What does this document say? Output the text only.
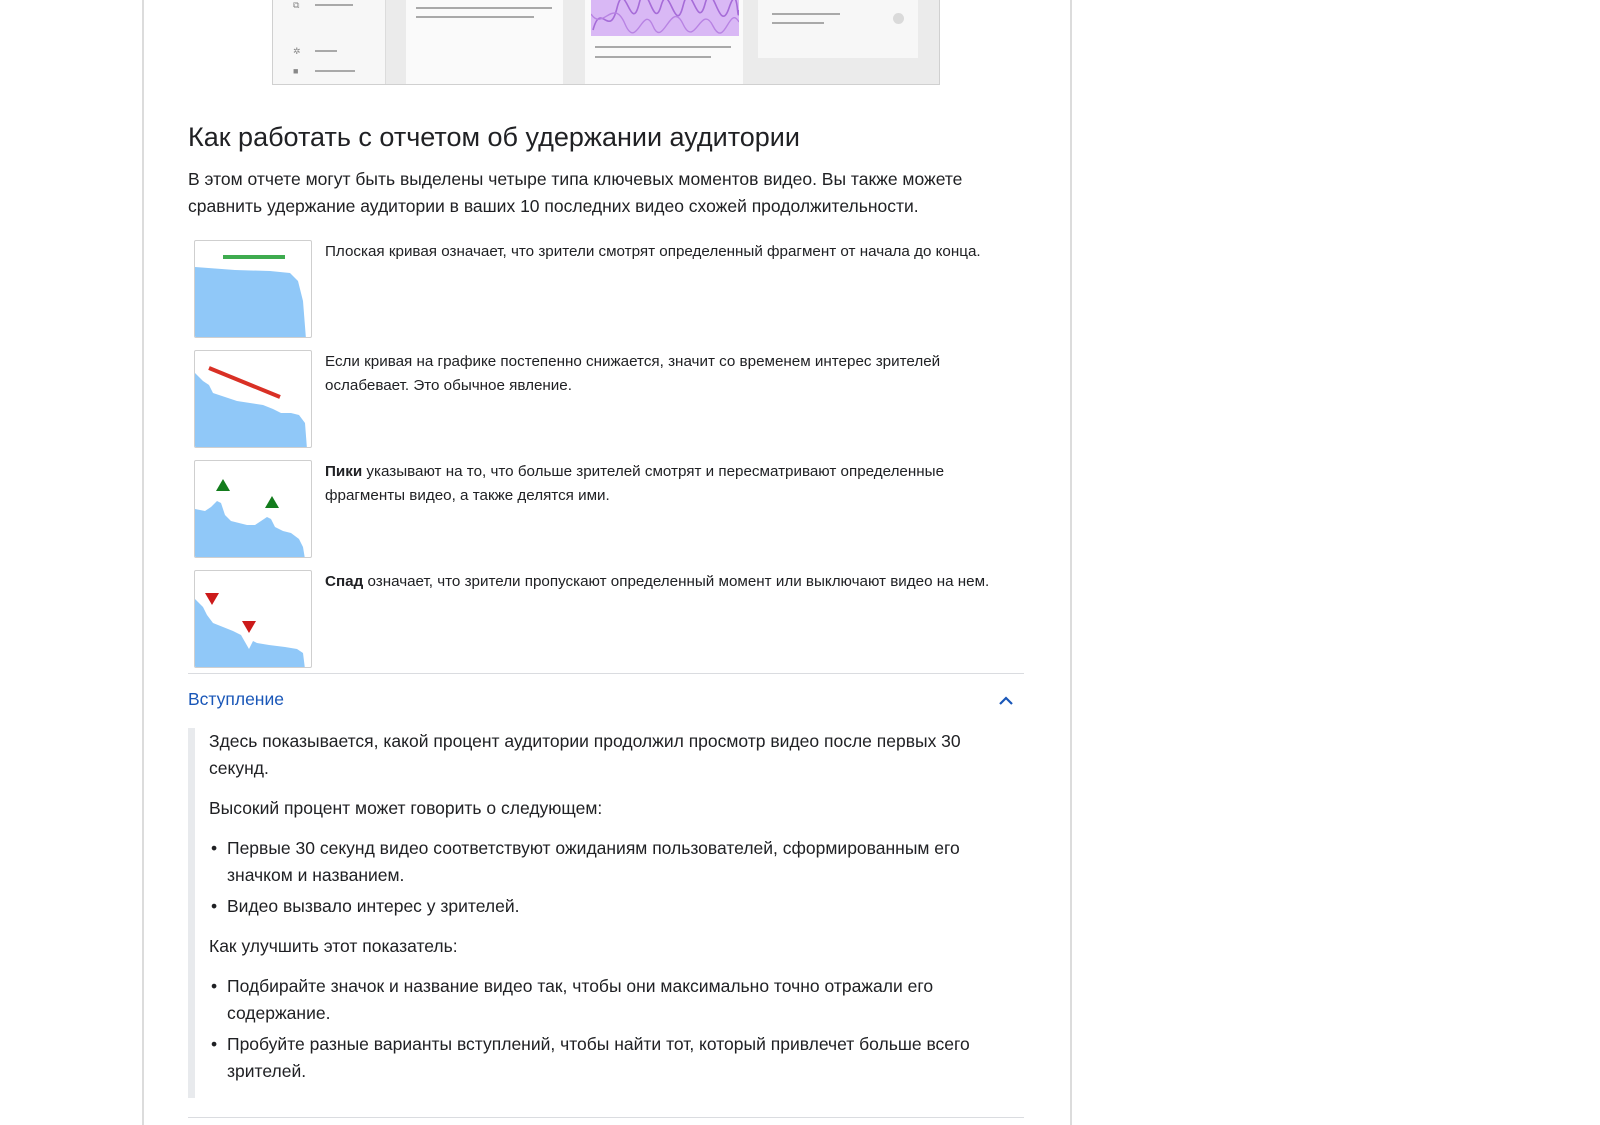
⧉
✲
■
Как работать с отчетом об удержании аудитории

В этом отчете могут быть выделены четыре типа ключевых моментов видео. Вы также можете сравнить удержание аудитории в ваших 10 последних видео схожей продолжительности.

Плоская кривая означает, что зрители смотрят определенный фрагмент от начала до конца.
Если кривая на графике постепенно снижается, значит со временем интерес зрителей ослабевает. Это обычное явление.
Пики указывают на то, что больше зрителей смотрят и пересматривают определенные фрагменты видео, а также делятся ими.
Спад означает, что зрители пропускают определенный момент или выключают видео на нем.
Вступление

Здесь показывается, какой процент аудитории продолжил просмотр видео после первых 30 секунд.

Высокий процент может говорить о следующем:

• Первые 30 секунд видео соответствуют ожиданиям пользователей, сформированным его значком и названием.
• Видео вызвало интерес у зрителей.

Как улучшить этот показатель:

• Подбирайте значок и название видео так, чтобы они максимально точно отражали его содержание.
• Пробуйте разные варианты вступлений, чтобы найти тот, который привлечет больше всего зрителей.
